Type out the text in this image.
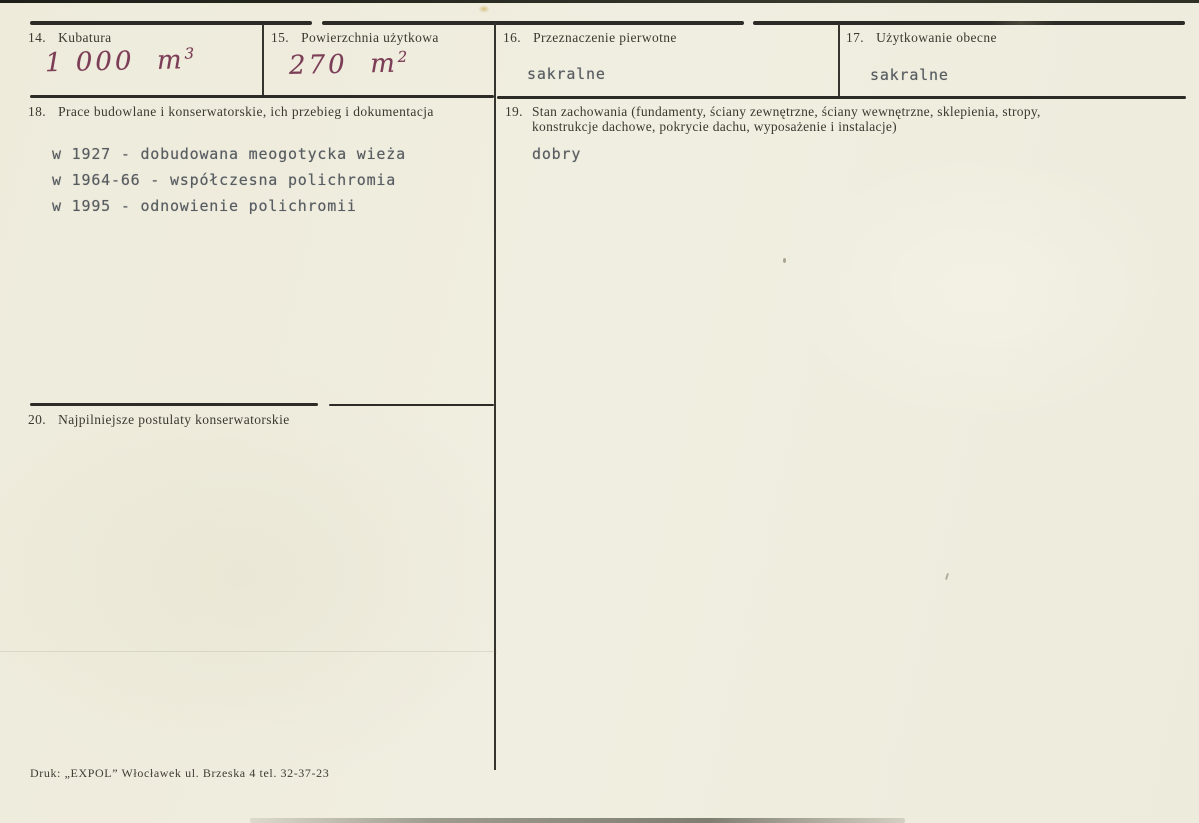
14. Kubatura
1 000 $m^3$
15. Powierzchnia użytkowa
270 $m^2$
16. Przeznaczenie pierwotne
sakralne
17. Użytkowanie obecne
sakralne
18. Prace budowlane i konserwatorskie, ich przebieg i dokumentacja
w 1927 - dobudowana meogotycka wieża
w 1964-66 - współczesna polichromia
w 1995 - odnowienie polichromii
19. Stan zachowania (fundamenty, ściany zewnętrzne, ściany wewnętrzne, sklepienia, stropy,
konstrukcje dachowe, pokrycie dachu, wyposażenie i instalacje)
dobry
20. Najpilniejsze postulaty konserwatorskie
Druk: „EXPOL” Włocławek ul. Brzeska 4 tel. 32-37-23
